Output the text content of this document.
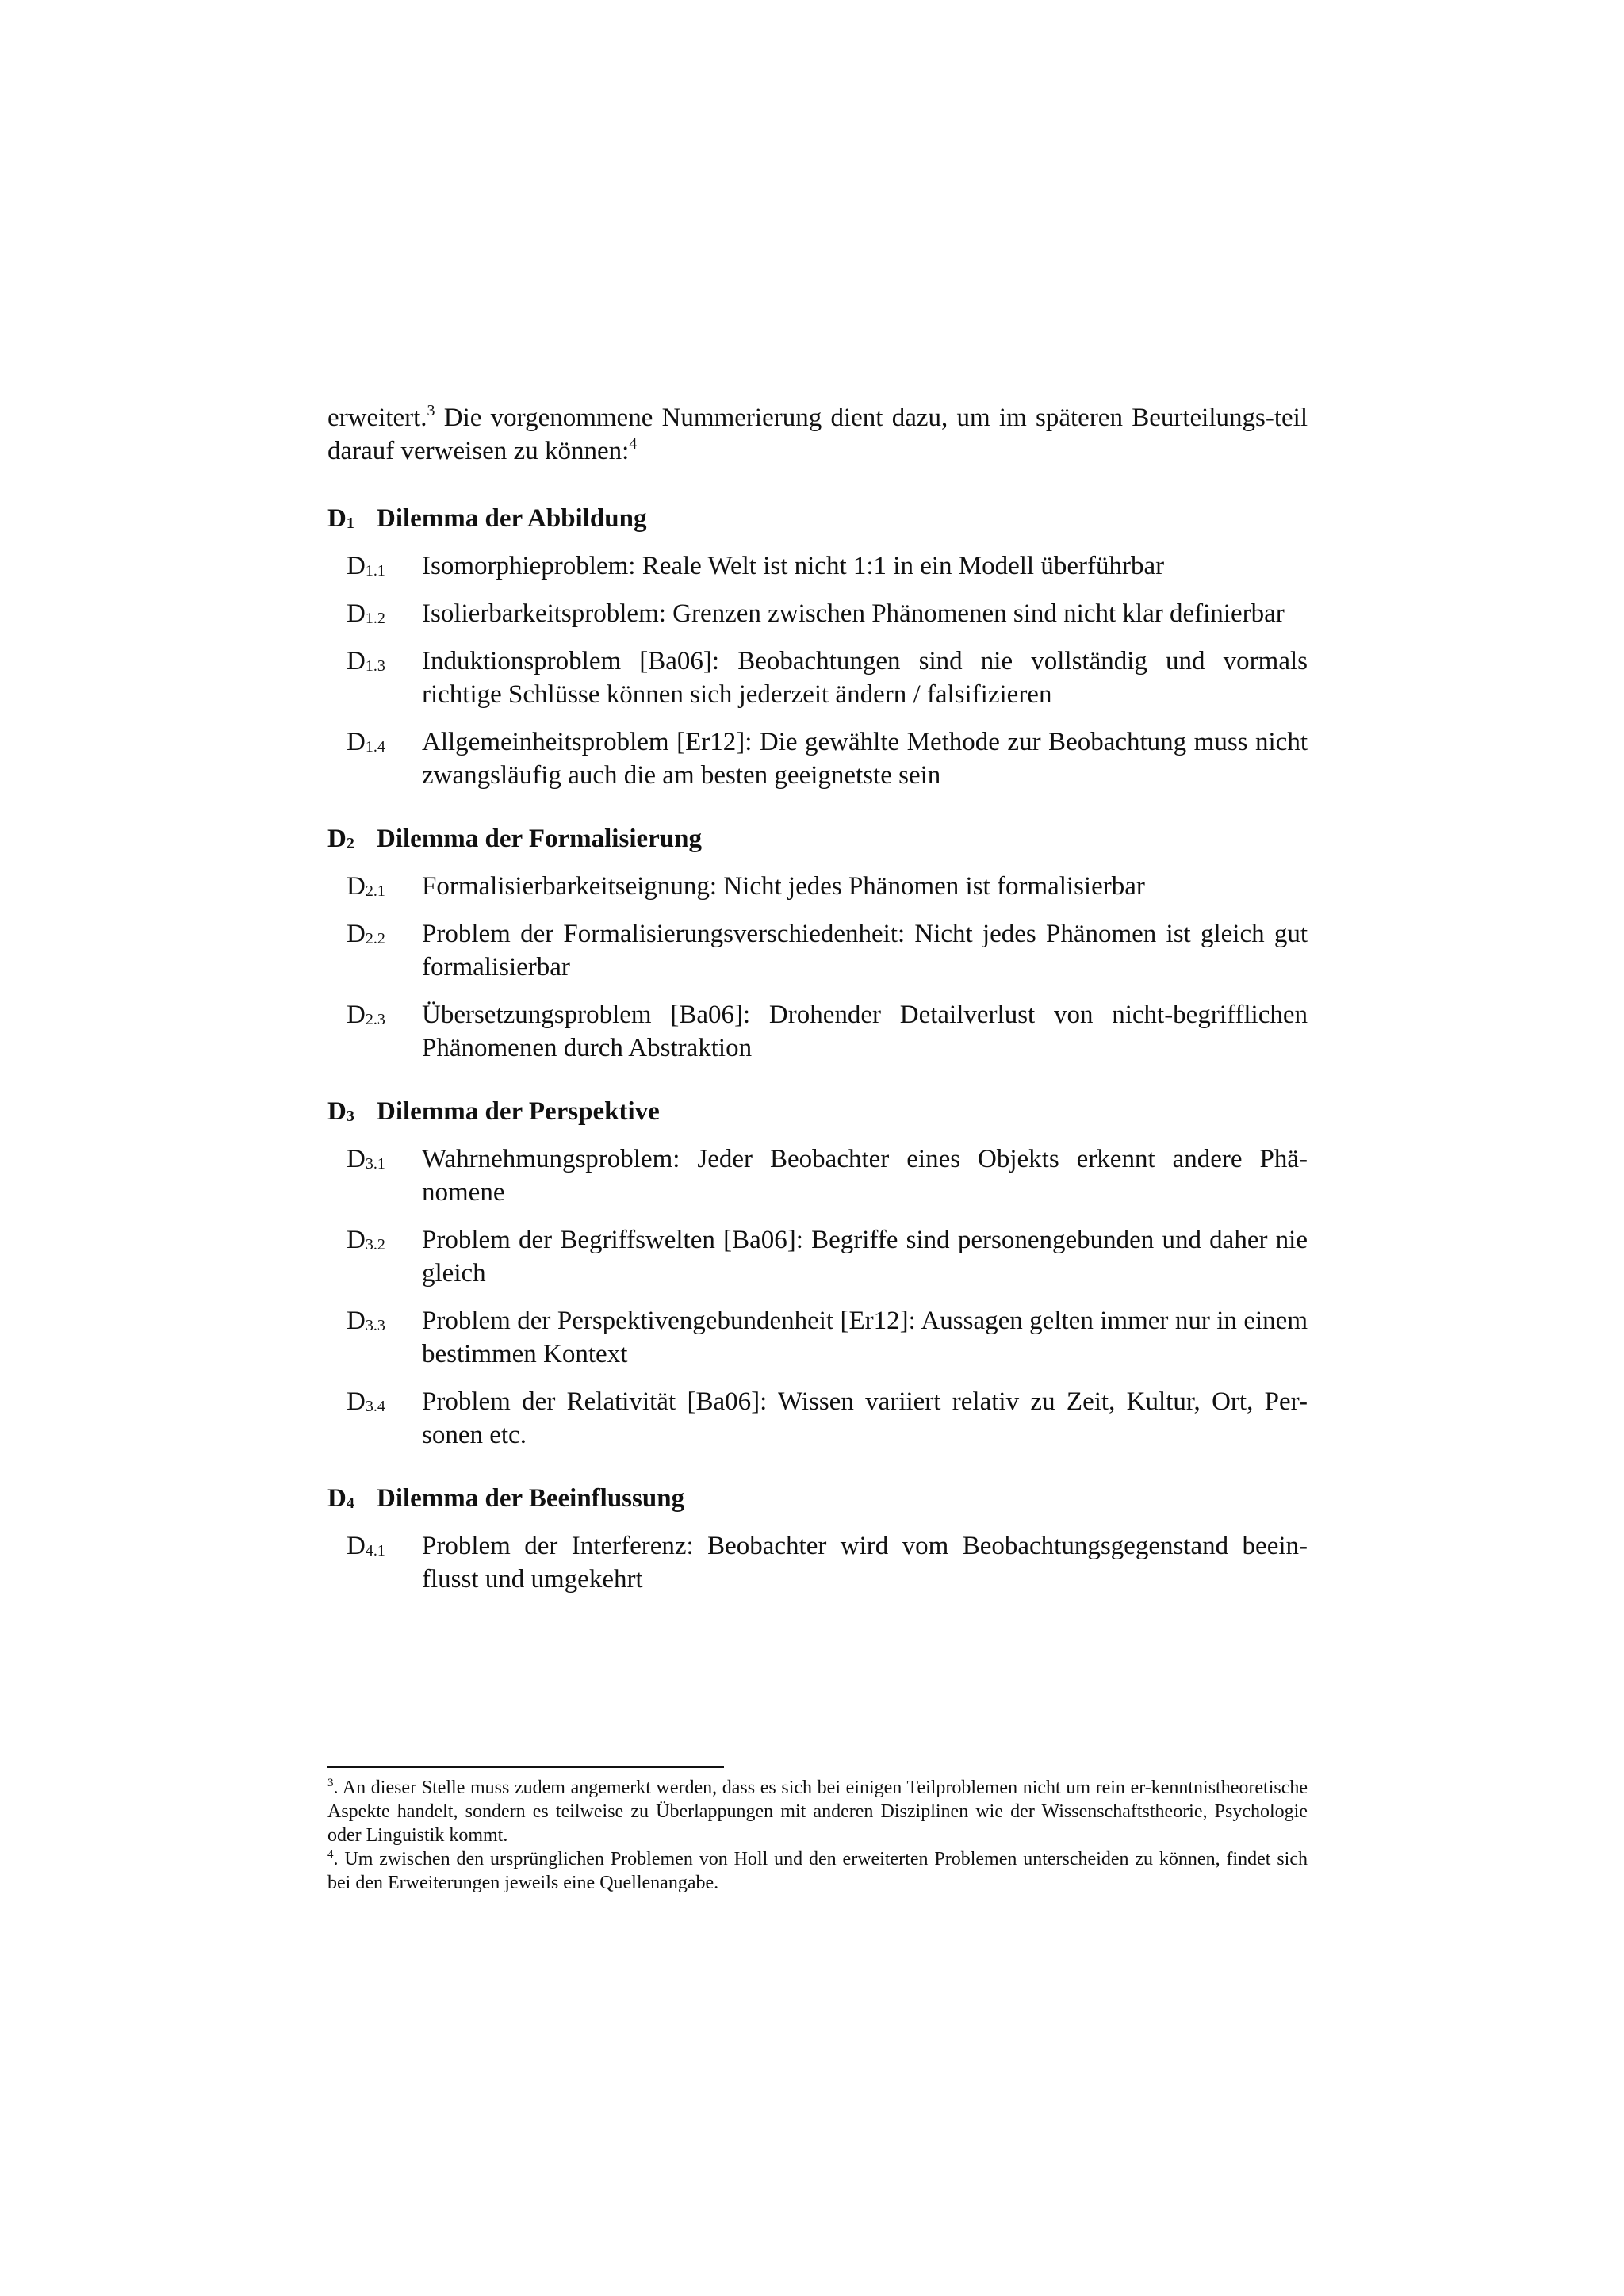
erweitert.$^3$ Die vorgenommene Nummerierung dient dazu, um im späteren Beurteilungs-teil darauf verweisen zu können:$^4$

$D_1$ Dilemma der Abbildung
$D_{1.1}$	Isomorphieproblem: Reale Welt ist nicht 1:1 in ein Modell überführbar
$D_{1.2}$	Isolierbarkeitsproblem: Grenzen zwischen Phänomenen sind nicht klar definierbar
$D_{1.3}$	Induktionsproblem [Ba06]: Beobachtungen sind nie vollständig und vormals richtige Schlüsse können sich jederzeit ändern / falsifizieren
$D_{1.4}$	Allgemeinheitsproblem [Er12]: Die gewählte Methode zur Beobachtung muss nicht zwangsläufig auch die am besten geeignetste sein
$D_2$ Dilemma der Formalisierung
$D_{2.1}$	Formalisierbarkeitseignung: Nicht jedes Phänomen ist formalisierbar
$D_{2.2}$	Problem der Formalisierungsverschiedenheit: Nicht jedes Phänomen ist gleich gut formalisierbar
$D_{2.3}$	Übersetzungsproblem [Ba06]: Drohender Detailverlust von nicht-begrifflichen Phänomenen durch Abstraktion
$D_3$ Dilemma der Perspektive
$D_{3.1}$	Wahrnehmungsproblem: Jeder Beobachter eines Objekts erkennt andere Phä-nomene
$D_{3.2}$	Problem der Begriffswelten [Ba06]: Begriffe sind personengebunden und daher nie gleich
$D_{3.3}$	Problem der Perspektivengebundenheit [Er12]: Aussagen gelten immer nur in einem bestimmen Kontext
$D_{3.4}$	Problem der Relativität [Ba06]: Wissen variiert relativ zu Zeit, Kultur, Ort, Per-sonen etc.
$D_4$ Dilemma der Beeinflussung
$D_{4.1}$	Problem der Interferenz: Beobachter wird vom Beobachtungsgegenstand beein-flusst und umgekehrt

$^3$. An dieser Stelle muss zudem angemerkt werden, dass es sich bei einigen Teilproblemen nicht um rein er-kenntnistheoretische Aspekte handelt, sondern es teilweise zu Überlappungen mit anderen Disziplinen wie der Wissenschaftstheorie, Psychologie oder Linguistik kommt.

$^4$. Um zwischen den ursprünglichen Problemen von Holl und den erweiterten Problemen unterscheiden zu können, findet sich bei den Erweiterungen jeweils eine Quellenangabe.
